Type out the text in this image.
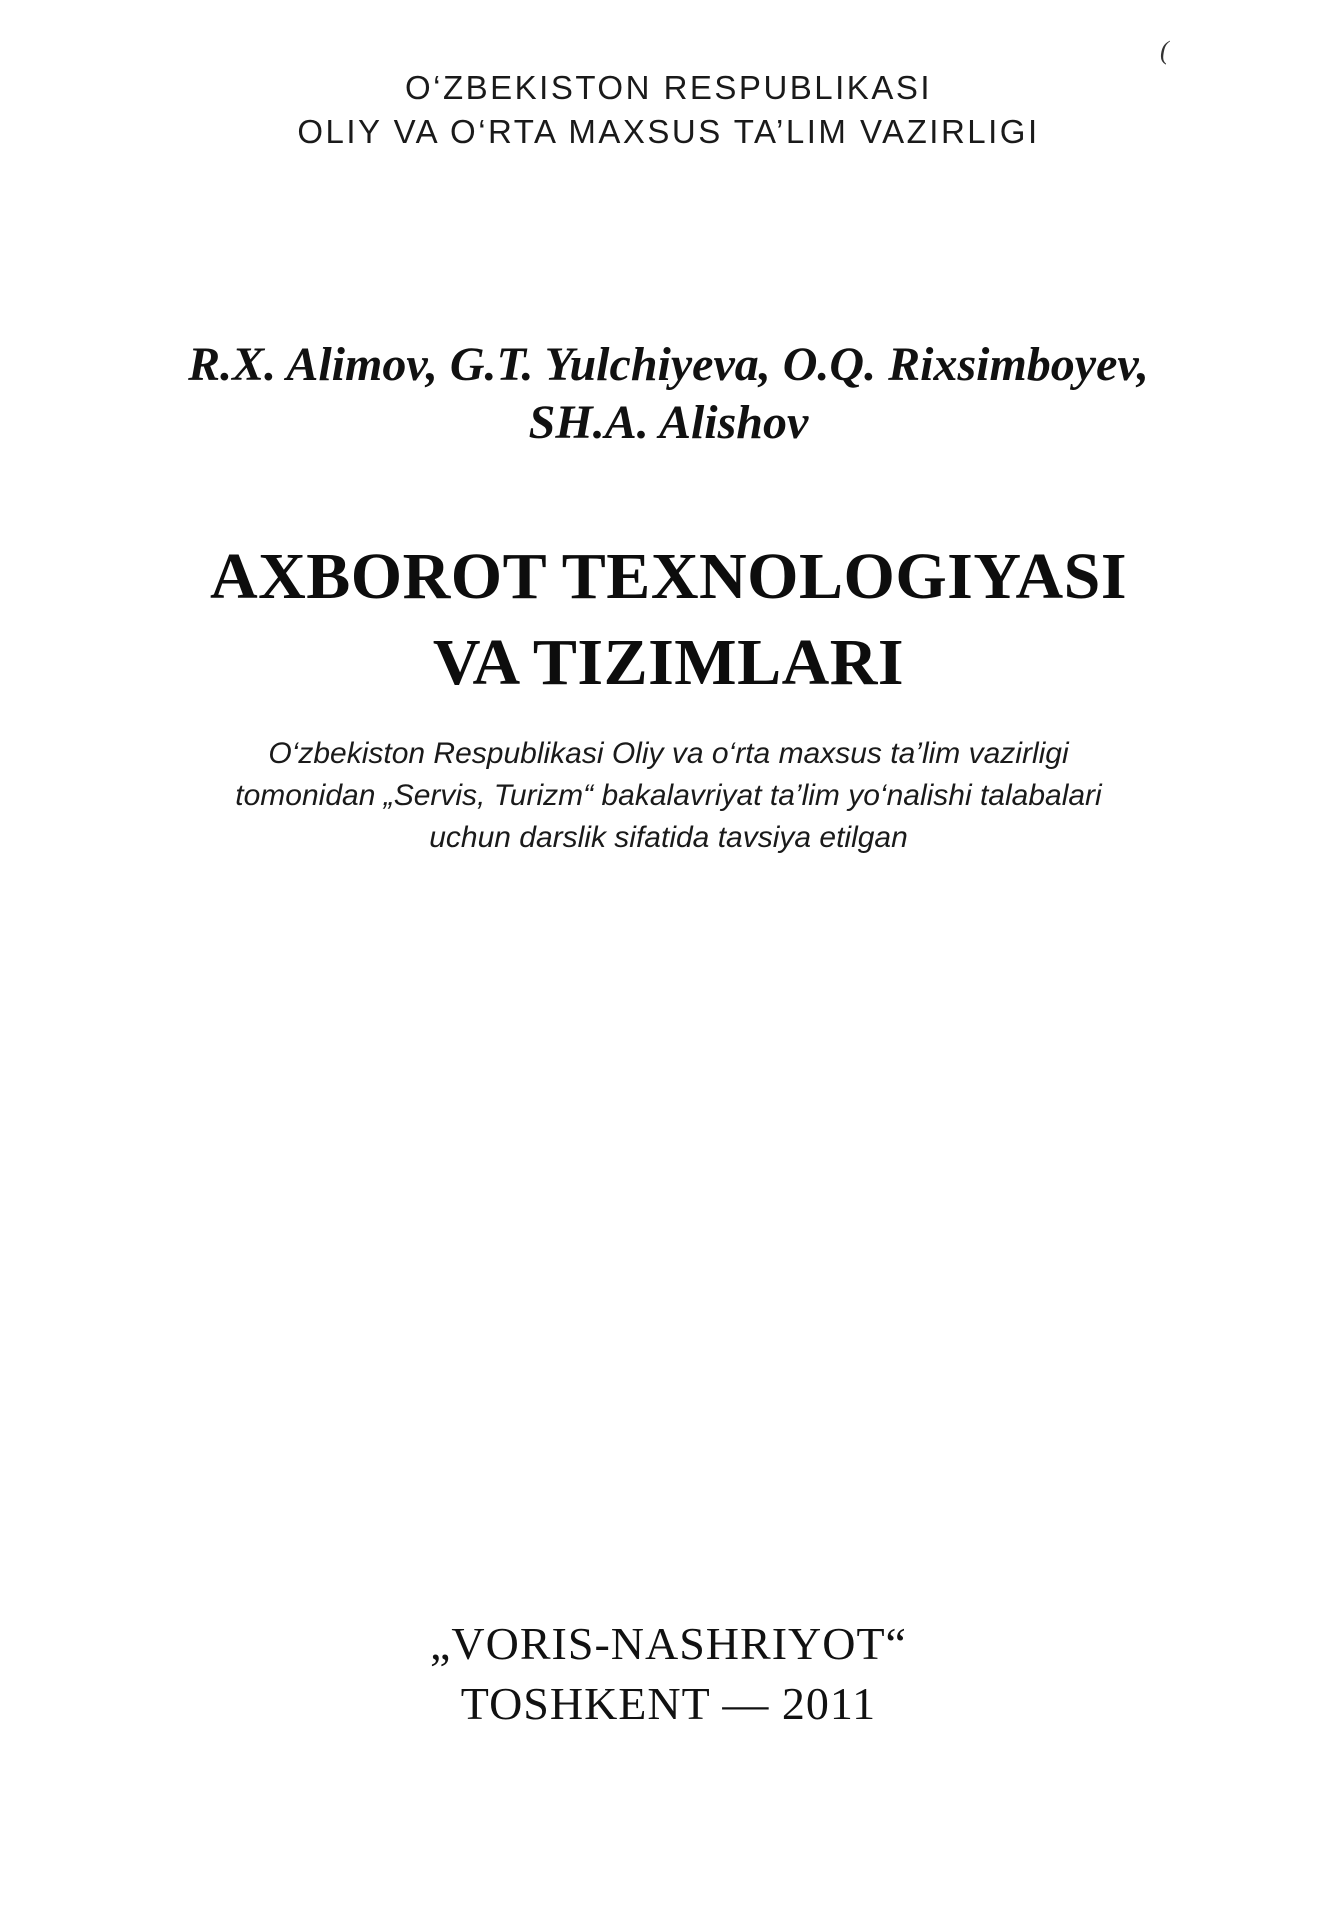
(
O‘ZBEKISTON RESPUBLIKASI
OLIY VA O‘RTA MAXSUS TA’LIM VAZIRLIGI
R.X. Alimov, G.T. Yulchiyeva, O.Q. Rixsimboyev,
SH.A. Alishov
AXBOROT TEXNOLOGIYASI
VA TIZIMLARI
O‘zbekiston Respublikasi Oliy va o‘rta maxsus ta’lim vazirligi
tomonidan „Servis, Turizm“ bakalavriyat ta’lim yo‘nalishi talabalari
uchun darslik sifatida tavsiya etilgan
„VORIS-NASHRIYOT“
TOSHKENT — 2011
